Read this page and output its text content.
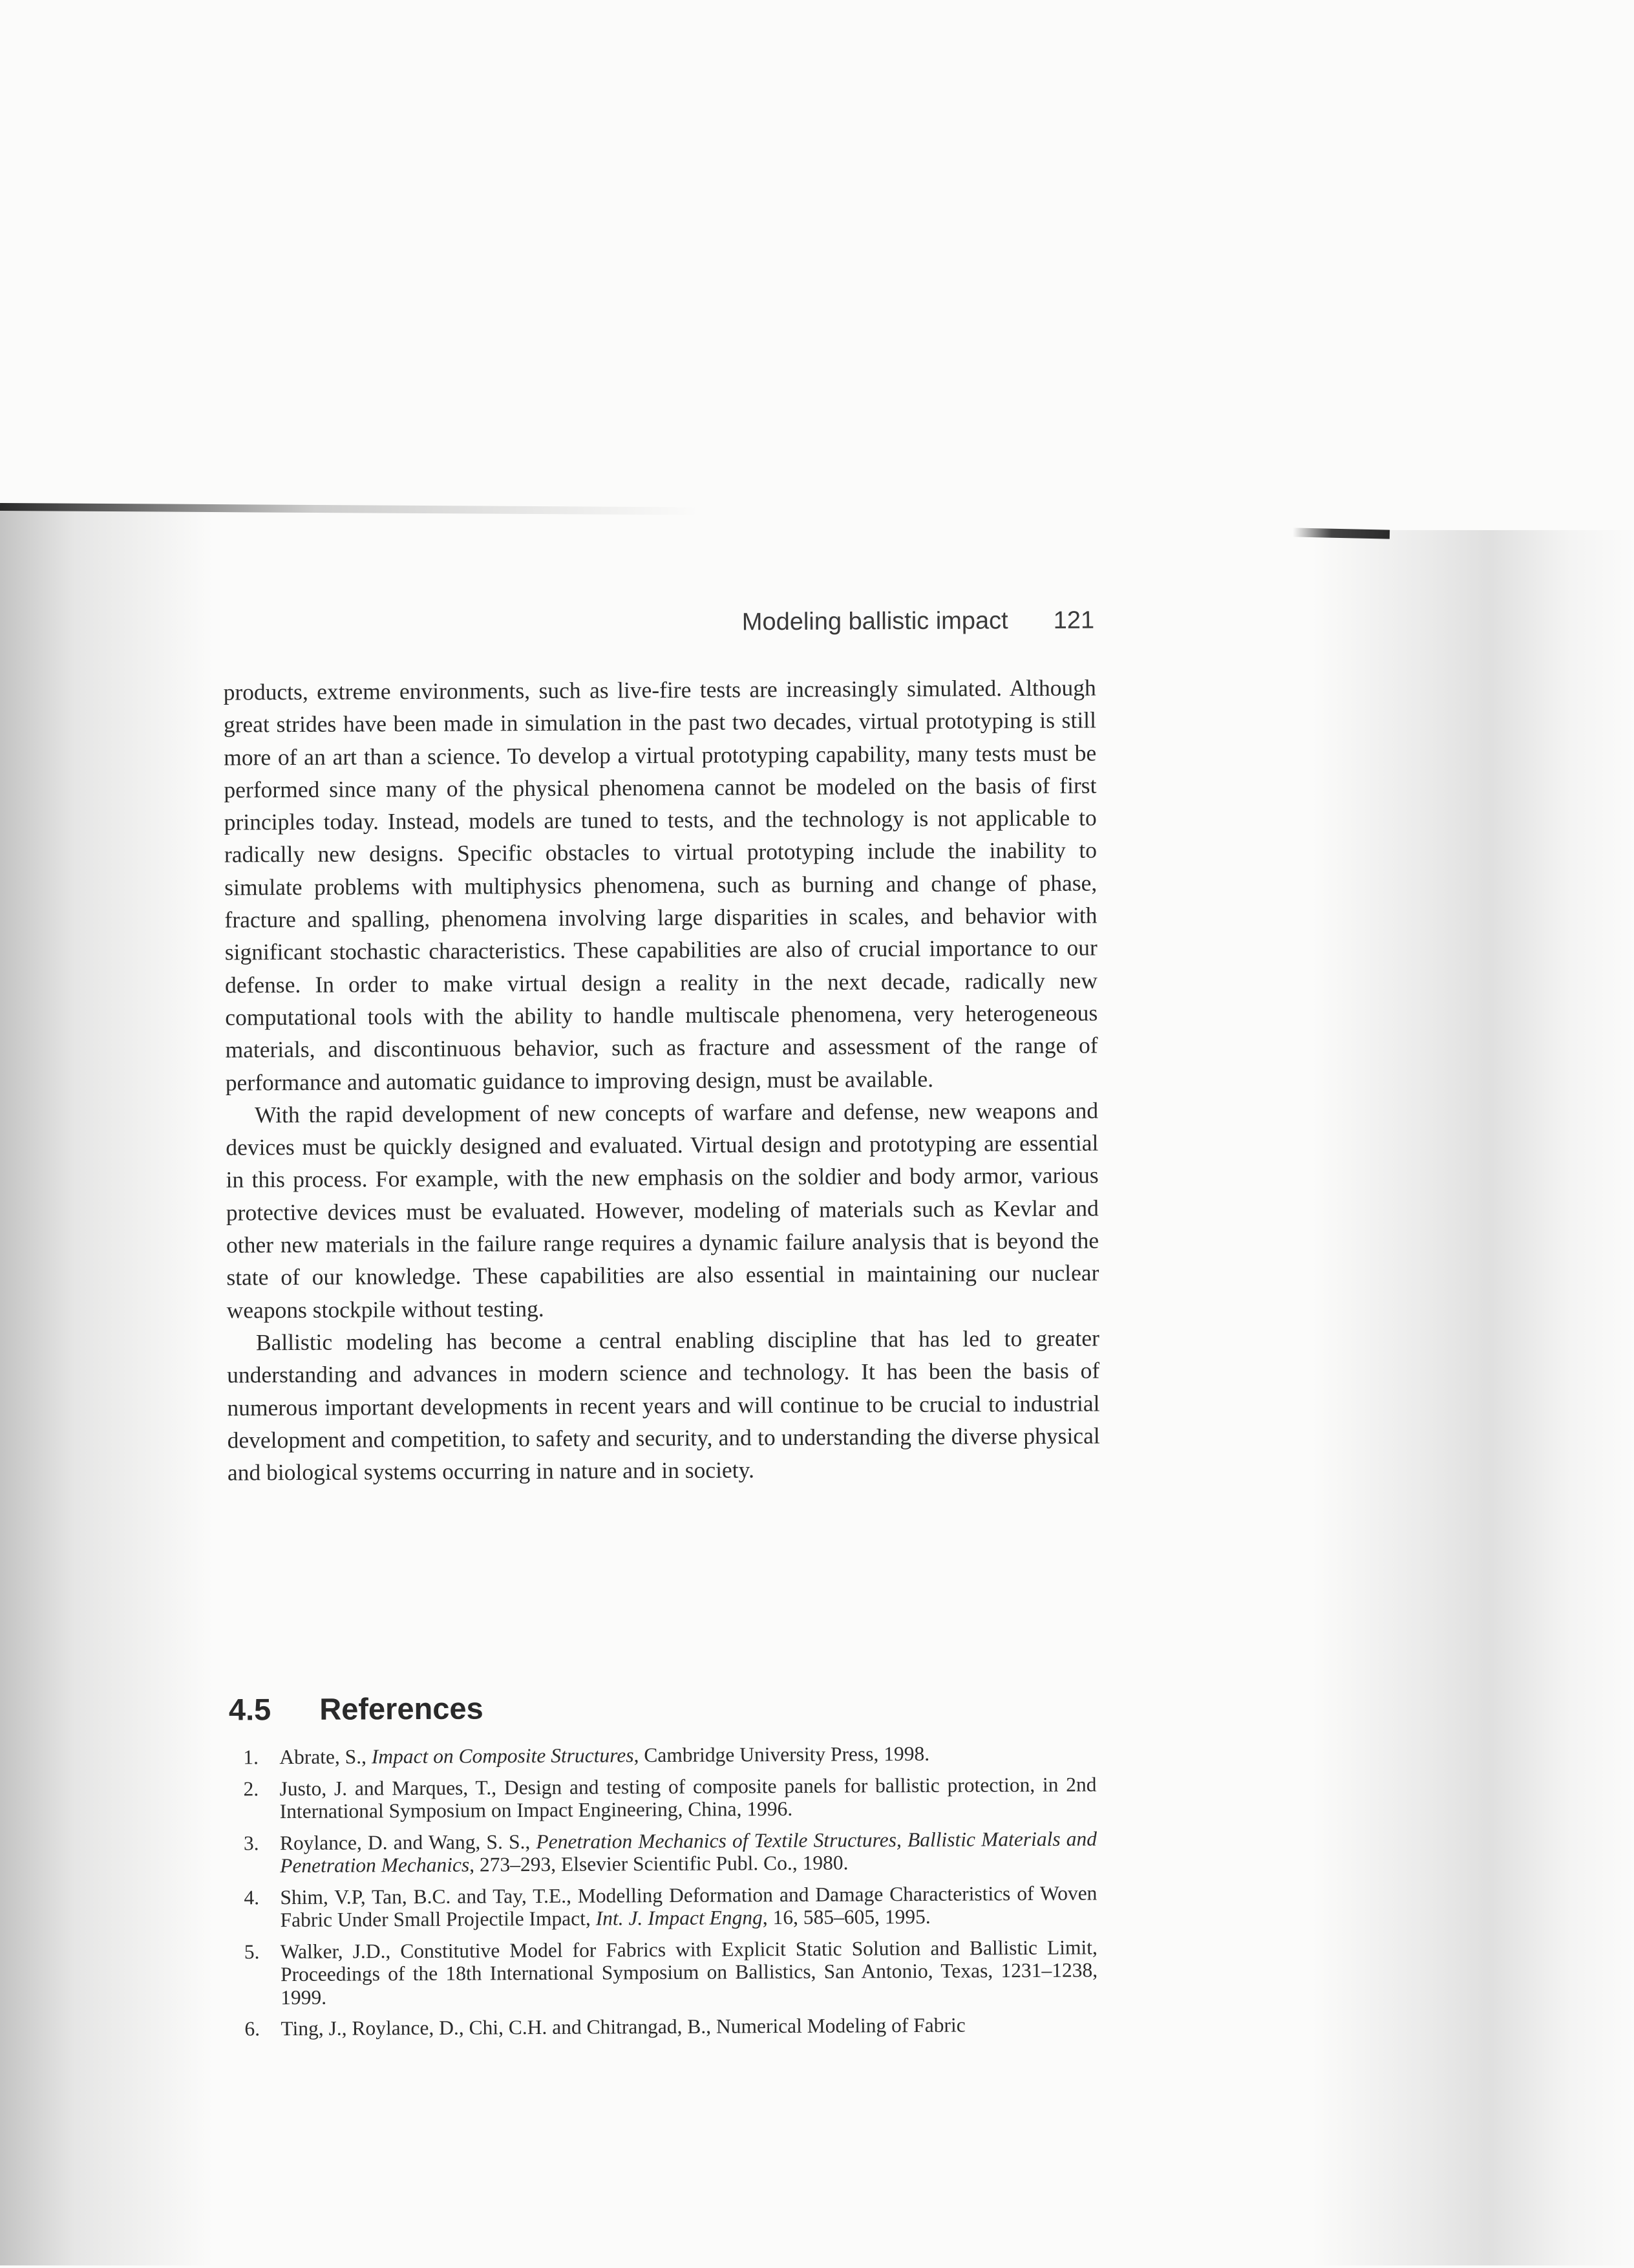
Modeling ballistic impact 121

products, extreme environments, such as live-fire tests are increasingly simulated. Although great strides have been made in simulation in the past two decades, virtual prototyping is still more of an art than a science. To develop a virtual prototyping capability, many tests must be performed since many of the physical phenomena cannot be modeled on the basis of first principles today. Instead, models are tuned to tests, and the technology is not applicable to radically new designs. Specific obstacles to virtual prototyping include the inability to simulate problems with multiphysics phenomena, such as burning and change of phase, fracture and spalling, phenomena involving large disparities in scales, and behavior with significant stochastic characteristics. These capabilities are also of crucial importance to our defense. In order to make virtual design a reality in the next decade, radically new computational tools with the ability to handle multiscale phenomena, very heterogeneous materials, and discontinuous behavior, such as fracture and assessment of the range of performance and automatic guidance to improving design, must be available.

With the rapid development of new concepts of warfare and defense, new weapons and devices must be quickly designed and evaluated. Virtual design and prototyping are essential in this process. For example, with the new emphasis on the soldier and body armor, various protective devices must be evaluated. However, modeling of materials such as Kevlar and other new materials in the failure range requires a dynamic failure analysis that is beyond the state of our knowledge. These capabilities are also essential in maintaining our nuclear weapons stockpile without testing.

Ballistic modeling has become a central enabling discipline that has led to greater understanding and advances in modern science and technology. It has been the basis of numerous important developments in recent years and will continue to be crucial to industrial development and competition, to safety and security, and to understanding the diverse physical and biological systems occurring in nature and in society.

4.5 References
1.	Abrate, S., Impact on Composite Structures, Cambridge University Press, 1998.
2.	Justo, J. and Marques, T., Design and testing of composite panels for ballistic protection, in 2nd International Symposium on Impact Engineering, China, 1996.
3.	Roylance, D. and Wang, S. S., Penetration Mechanics of Textile Structures, Ballistic Materials and Penetration Mechanics, 273–293, Elsevier Scientific Publ. Co., 1980.
4.	Shim, V.P, Tan, B.C. and Tay, T.E., Modelling Deformation and Damage Characteristics of Woven Fabric Under Small Projectile Impact, Int. J. Impact Engng, 16, 585–605, 1995.
5.	Walker, J.D., Constitutive Model for Fabrics with Explicit Static Solution and Ballistic Limit, Proceedings of the 18th International Symposium on Ballistics, San Antonio, Texas, 1231–1238, 1999.
6.	Ting, J., Roylance, D., Chi, C.H. and Chitrangad, B., Numerical Modeling of Fabric
